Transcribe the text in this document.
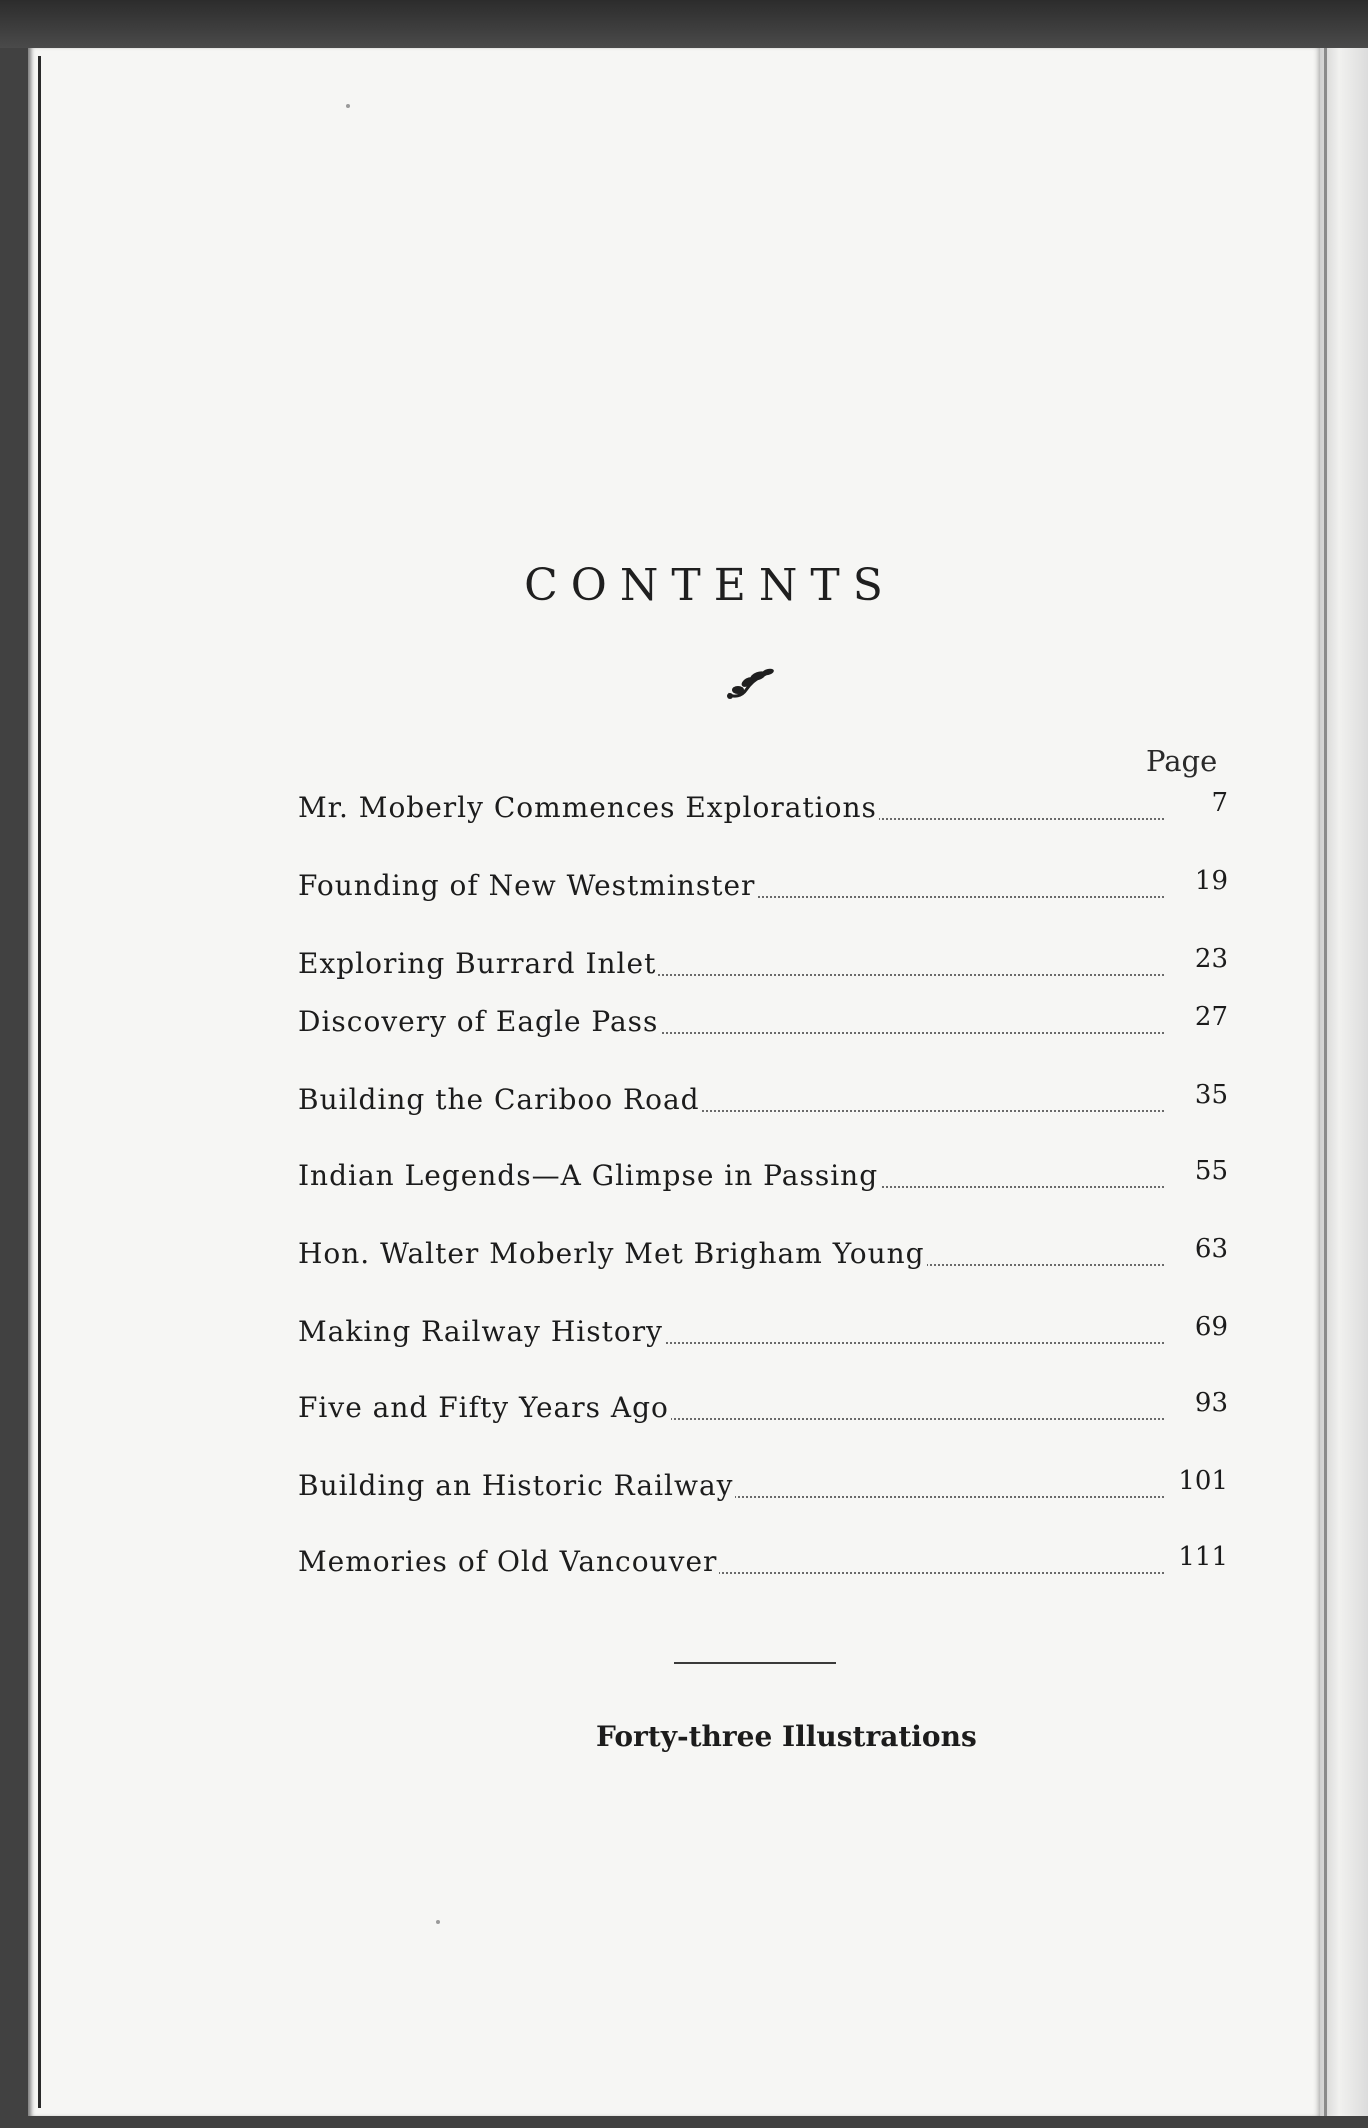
CONTENTS
Page
Mr. Moberly Commences Explorations	7
Founding of New Westminster	19
Exploring Burrard Inlet	23
Discovery of Eagle Pass	27
Building the Cariboo Road	35
Indian Legends—A Glimpse in Passing	55
Hon. Walter Moberly Met Brigham Young	63
Making Railway History	69
Five and Fifty Years Ago	93
Building an Historic Railway	101
Memories of Old Vancouver	111
Forty-three Illustrations
